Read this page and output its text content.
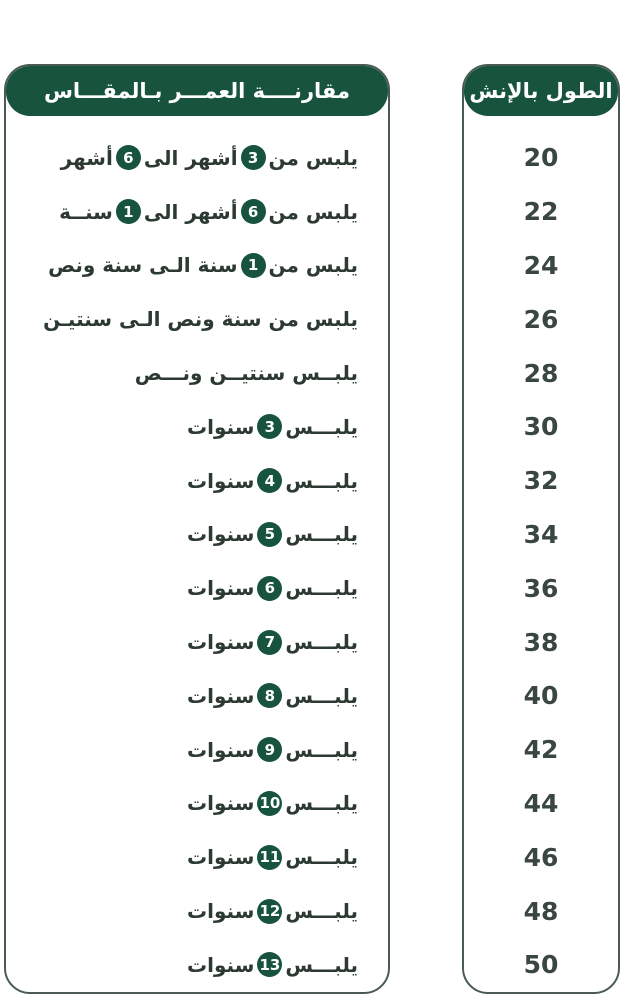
مقارنــــة العمـــر بـالمقـــاس
يلبس من
3
أشهر الى
6
أشهر
يلبس من
6
أشهر الى
1
سنــة
يلبس من
1
سنة الـى سنة ونص
يلبس من سنة ونص الـى سنتيـن
يلبــس سنتيــن ونـــص
يلبـــس
3
سنوات
يلبـــس
4
سنوات
يلبـــس
5
سنوات
يلبـــس
6
سنوات
يلبـــس
7
سنوات
يلبـــس
8
سنوات
يلبـــس
9
سنوات
يلبـــس
10
سنوات
يلبـــس
11
سنوات
يلبـــس
12
سنوات
يلبـــس
13
سنوات
الطول بالإنش
20
22
24
26
28
30
32
34
36
38
40
42
44
46
48
50
